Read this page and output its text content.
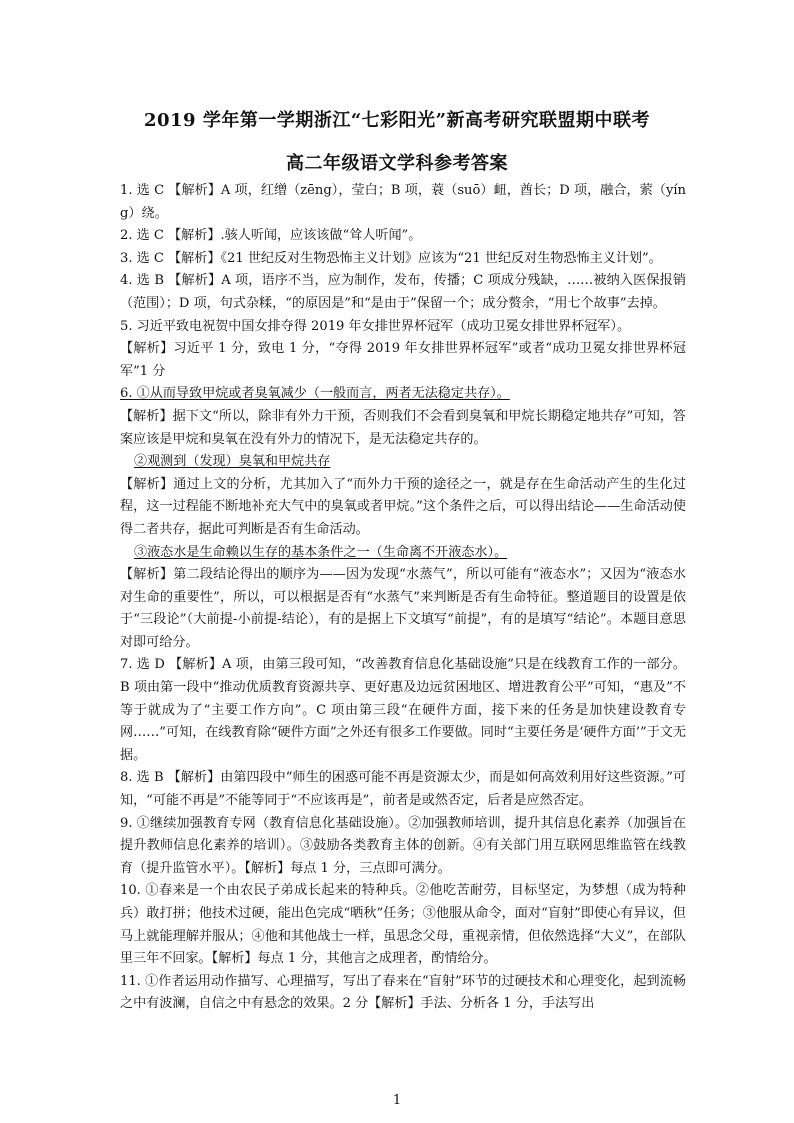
2019 学年第一学期浙江“七彩阳光”新高考研究联盟期中联考
高二年级语文学科参考答案

1. 选 C 【解析】A 项，红缯（zēng），莹白；B 项，蓑（suō）衄，酋长；D 项，融合，萦（yíng）绕。

2. 选 C 【解析】.骇人听闻，应该该做“耸人听闻”。

3. 选 C 【解析】《21 世纪反对生物恐怖主义计划》应该为“21 世纪反对生物恐怖主义计划”。

4. 选 B 【解析】A 项，语序不当，应为制作，发布，传播；C 项成分残缺，……被纳入医保报销（范围）；D 项，句式杂糅，“的原因是”和“是由于”保留一个；成分赘余，“用七个故事”去掉。

5. 习近平致电祝贺中国女排夺得 2019 年女排世界杯冠军（成功卫冕女排世界杯冠军）。

【解析】习近平 1 分，致电 1 分，“夺得 2019 年女排世界杯冠军”或者“成功卫冕女排世界杯冠军”1 分

6. ①从而导致甲烷或者臭氧减少（一般而言，两者无法稳定共存）。

【解析】据下文“所以，除非有外力干预，否则我们不会看到臭氧和甲烷长期稳定地共存”可知，答案应该是甲烷和臭氧在没有外力的情况下，是无法稳定共存的。

②观测到（发现）臭氧和甲烷共存

【解析】通过上文的分析，尤其加入了“而外力干预的途径之一，就是存在生命活动产生的生化过程，这一过程能不断地补充大气中的臭氧或者甲烷。”这个条件之后，可以得出结论——生命活动使得二者共存，据此可判断是否有生命活动。

③液态水是生命赖以生存的基本条件之一（生命离不开液态水）。

【解析】第二段结论得出的顺序为——因为发现“水蒸气”，所以可能有“液态水”；又因为“液态水对生命的重要性”，所以，可以根据是否有“水蒸气”来判断是否有生命特征。整道题目的设置是依于“三段论”（大前提-小前提-结论），有的是据上下文填写“前提”，有的是填写“结论”。本题目意思对即可给分。

7. 选 D 【解析】A 项，由第三段可知，“改善教育信息化基础设施”只是在线教育工作的一部分。B 项由第一段中“推动优质教育资源共享、更好惠及边远贫困地区、增进教育公平”可知，“惠及”不等于就成为了“主要工作方向”。C 项由第三段“在硬件方面，接下来的任务是加快建设教育专网……”可知，在线教育除“硬件方面”之外还有很多工作要做。同时“主要任务是‘硬件方面’”于文无据。

8. 选 B 【解析】由第四段中“师生的困惑可能不再是资源太少，而是如何高效利用好这些资源。”可知，“可能不再是”不能等同于“不应该再是”，前者是或然否定，后者是应然否定。

9. ①继续加强教育专网（教育信息化基础设施）。②加强教师培训，提升其信息化素养（加强旨在提升教师信息化素养的培训）。③鼓励各类教育主体的创新。④有关部门用互联网思维监管在线教育（提升监管水平）。【解析】每点 1 分，三点即可满分。

10. ①春来是一个由农民子弟成长起来的特种兵。②他吃苦耐劳，目标坚定，为梦想（成为特种兵）敢打拼；他技术过硬，能出色完成“晒秋”任务；③他服从命令，面对“盲射”即使心有异议，但马上就能理解并服从；④他和其他战士一样，虽思念父母，重视亲情，但依然选择“大义”，在部队里三年不回家。【解析】每点 1 分，其他言之成理者，酌情给分。

11. ①作者运用动作描写、心理描写，写出了春来在“盲射”环节的过硬技术和心理变化，起到流畅之中有波澜，自信之中有悬念的效果。2 分【解析】手法、分析各 1 分，手法写出

1
